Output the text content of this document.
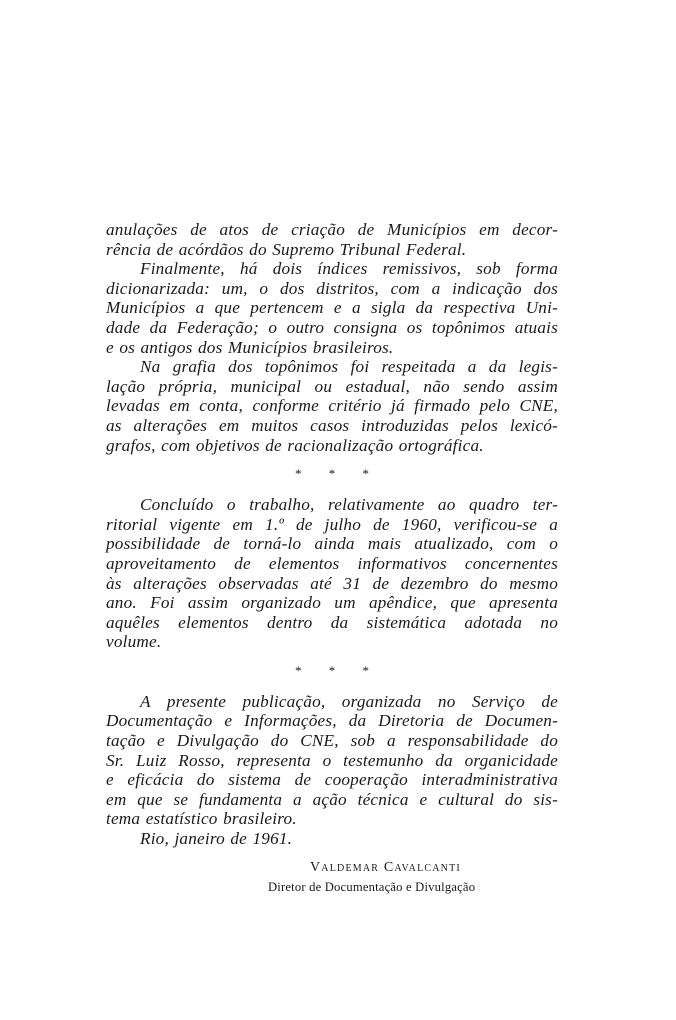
anulações de atos de criação de Municípios em decor-
rência de acórdãos do Supremo Tribunal Federal.
Finalmente, há dois índices remissivos, sob forma
dicionarizada: um, o dos distritos, com a indicação dos
Municípios a que pertencem e a sigla da respectiva Uni-
dade da Federação; o outro consigna os topônimos atuais
e os antigos dos Municípios brasileiros.
Na grafia dos topônimos foi respeitada a da legis-
lação própria, municipal ou estadual, não sendo assim
levadas em conta, conforme critério já firmado pelo CNE,
as alterações em muitos casos introduzidas pelos lexicó-
grafos, com objetivos de racionalização ortográfica.
* * *
Concluído o trabalho, relativamente ao quadro ter-
ritorial vigente em 1.º de julho de 1960, verificou-se a
possibilidade de torná-lo ainda mais atualizado, com o
aproveitamento de elementos informativos concernentes
às alterações observadas até 31 de dezembro do mesmo
ano. Foi assim organizado um apêndice, que apresenta
aquêles elementos dentro da sistemática adotada no
volume.
* * *
A presente publicação, organizada no Serviço de
Documentação e Informações, da Diretoria de Documen-
tação e Divulgação do CNE, sob a responsabilidade do
Sr. Luiz Rosso, representa o testemunho da organicidade
e eficácia do sistema de cooperação interadministrativa
em que se fundamenta a ação técnica e cultural do sis-
tema estatístico brasileiro.
Rio, janeiro de 1961.
Valdemar Cavalcanti
Diretor de Documentação e Divulgação
